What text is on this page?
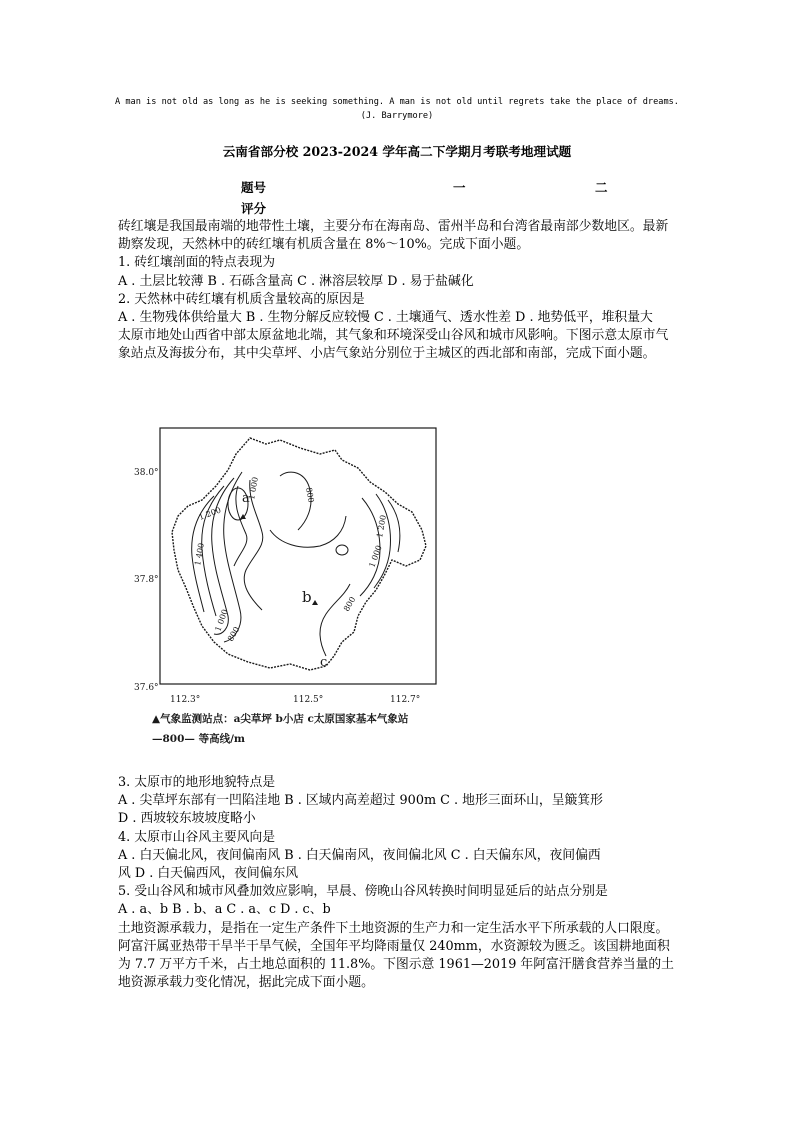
A man is not old as long as he is seeking something. A man is not old until regrets take the place of dreams.
(J. Barrymore)
云南省部分校 2023-2024 学年高二下学期月考联考地理试题
题号	一	二
评分

砖红壤是我国最南端的地带性土壤，主要分布在海南岛、雷州半岛和台湾省最南部少数地区。最新勘察发现，天然林中的砖红壤有机质含量在 8%～10%。完成下面小题。

1. 砖红壤剖面的特点表现为

A . 土层比较薄 B . 石砾含量高 C . 淋溶层较厚 D . 易于盐碱化

2. 天然林中砖红壤有机质含量较高的原因是

A . 生物残体供给量大 B . 生物分解反应较慢 C . 土壤通气、透水性差 D . 地势低平，堆积量大

太原市地处山西省中部太原盆地北端，其气象和环境深受山谷风和城市风影响。下图示意太原市气象站点及海拔分布，其中尖草坪、小店气象站分别位于主城区的西北部和南部，完成下面小题。

38.0°
37.8°
37.6°
112.3°	112.5°	112.7°
1 000	800
1 200
1 400
1 000
800
1 200
1 000
800
a
b
c
▲气象监测站点：a尖草坪 b小店 c太原国家基本气象站
—800— 等高线/m

3. 太原市的地形地貌特点是

A . 尖草坪东部有一凹陷洼地 B . 区域内高差超过 900m C . 地形三面环山，呈簸箕形

D . 西坡较东坡坡度略小

4. 太原市山谷风主要风向是

A . 白天偏北风，夜间偏南风 B . 白天偏南风，夜间偏北风 C . 白天偏东风，夜间偏西

风 D . 白天偏西风，夜间偏东风

5. 受山谷风和城市风叠加效应影响，早晨、傍晚山谷风转换时间明显延后的站点分别是

A . a、b B . b、a C . a、c D . c、b

土地资源承载力，是指在一定生产条件下土地资源的生产力和一定生活水平下所承载的人口限度。阿富汗属亚热带干旱半干旱气候，全国年平均降雨量仅 240mm，水资源较为匮乏。该国耕地面积为 7.7 万平方千米，占土地总面积的 11.8%。下图示意 1961—2019 年阿富汗膳食营养当量的土地资源承载力变化情况，据此完成下面小题。
